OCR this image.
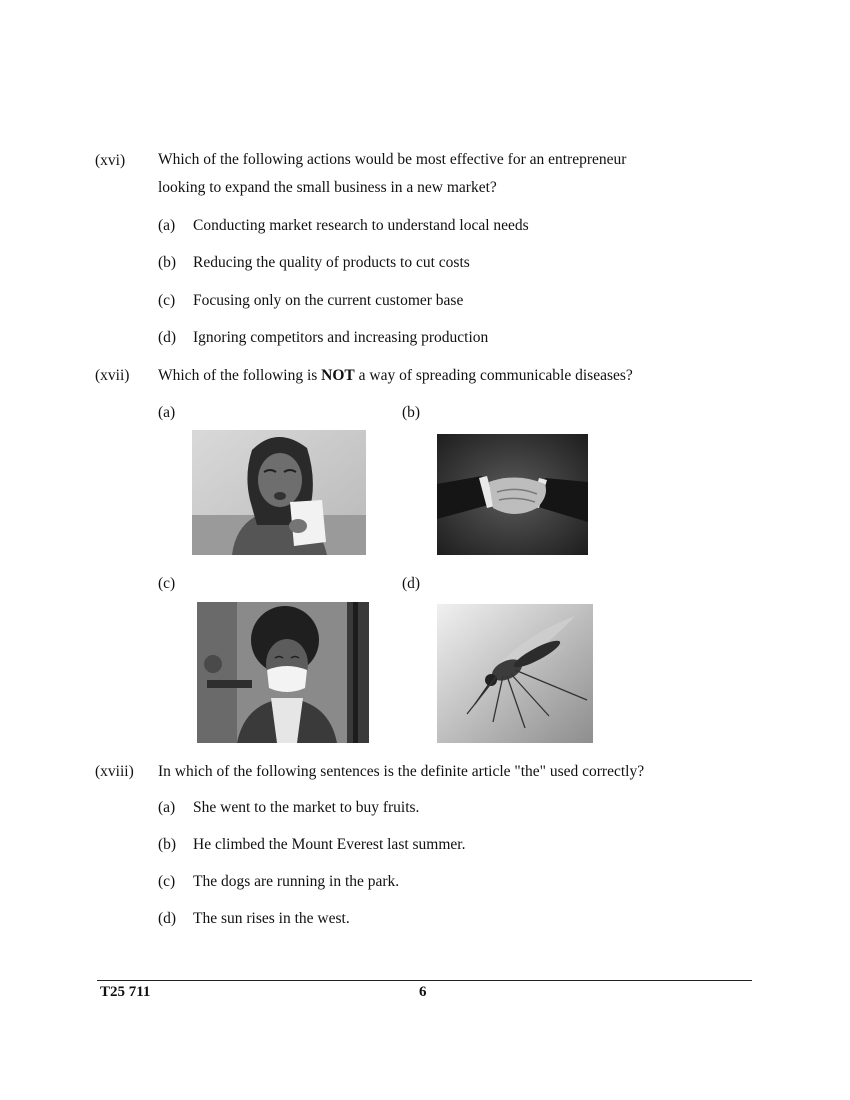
(xvi) Which of the following actions would be most effective for an entrepreneur
looking to expand the small business in a new market?
(a) Conducting market research to understand local needs
(b) Reducing the quality of products to cut costs
(c) Focusing only on the current customer base
(d) Ignoring competitors and increasing production
(xvii) Which of the following is NOT a way of spreading communicable diseases?
(a)	(b)
(c)	(d)
(xviii) In which of the following sentences is the definite article "the" used correctly?
(a) She went to the market to buy fruits.
(b) He climbed the Mount Everest last summer.
(c) The dogs are running in the park.
(d) The sun rises in the west.
T25 711	6
